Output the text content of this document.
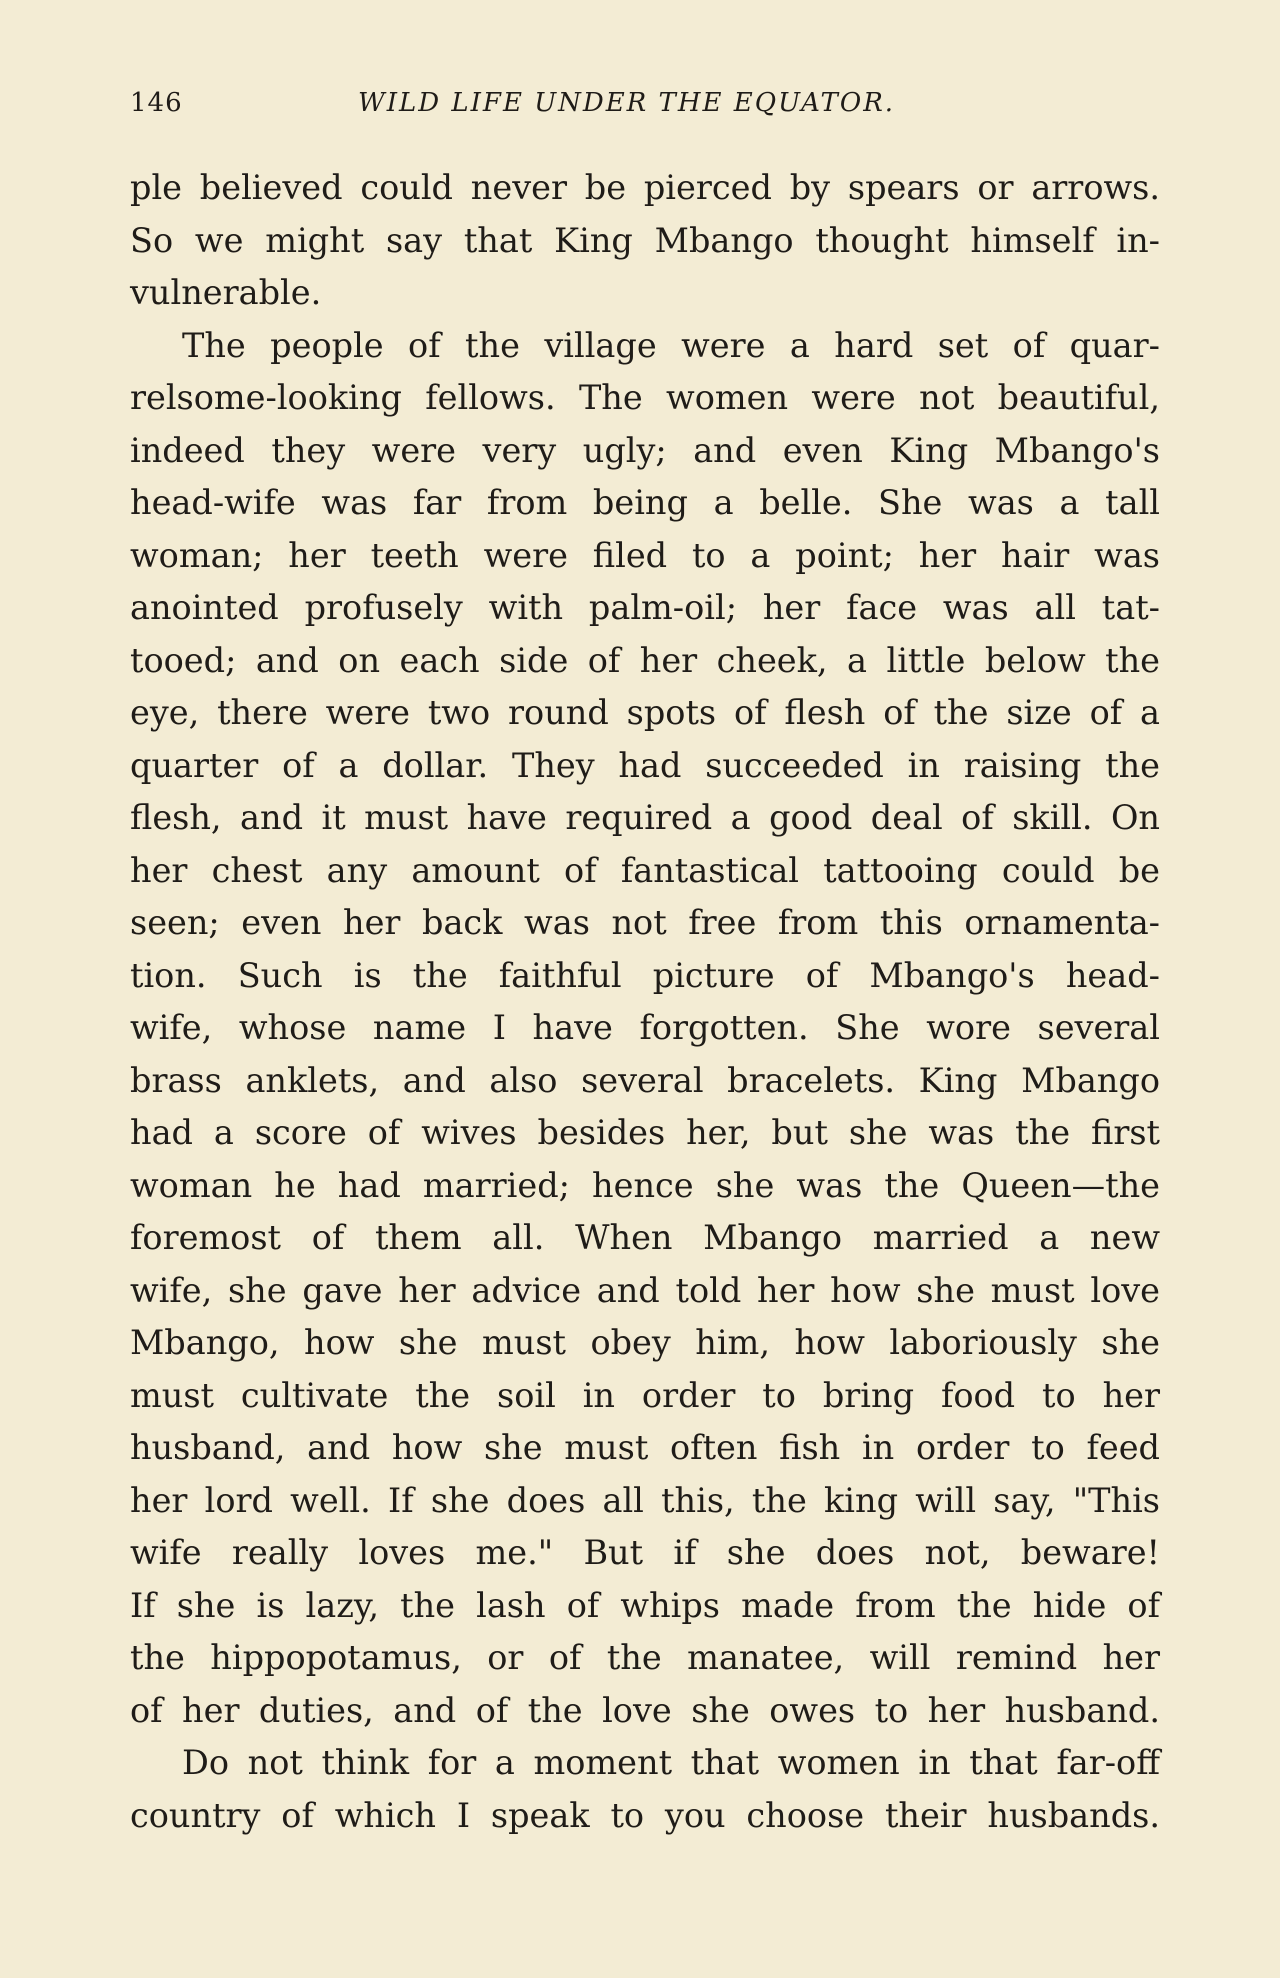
146	WILD LIFE UNDER THE EQUATOR.
ple believed could never be pierced by spears or arrows.
So we might say that King Mbango thought himself in-
vulnerable.
The people of the village were a hard set of quar-
relsome-looking fellows. The women were not beautiful,
indeed they were very ugly; and even King Mbango's
head-wife was far from being a belle. She was a tall
woman; her teeth were filed to a point; her hair was
anointed profusely with palm-oil; her face was all tat-
tooed; and on each side of her cheek, a little below the
eye, there were two round spots of flesh of the size of a
quarter of a dollar. They had succeeded in raising the
flesh, and it must have required a good deal of skill. On
her chest any amount of fantastical tattooing could be
seen; even her back was not free from this ornamenta-
tion. Such is the faithful picture of Mbango's head-
wife, whose name I have forgotten. She wore several
brass anklets, and also several bracelets. King Mbango
had a score of wives besides her, but she was the first
woman he had married; hence she was the Queen—the
foremost of them all. When Mbango married a new
wife, she gave her advice and told her how she must love
Mbango, how she must obey him, how laboriously she
must cultivate the soil in order to bring food to her
husband, and how she must often fish in order to feed
her lord well. If she does all this, the king will say, "This
wife really loves me." But if she does not, beware!
If she is lazy, the lash of whips made from the hide of
the hippopotamus, or of the manatee, will remind her
of her duties, and of the love she owes to her husband.
Do not think for a moment that women in that far-off
country of which I speak to you choose their husbands.
